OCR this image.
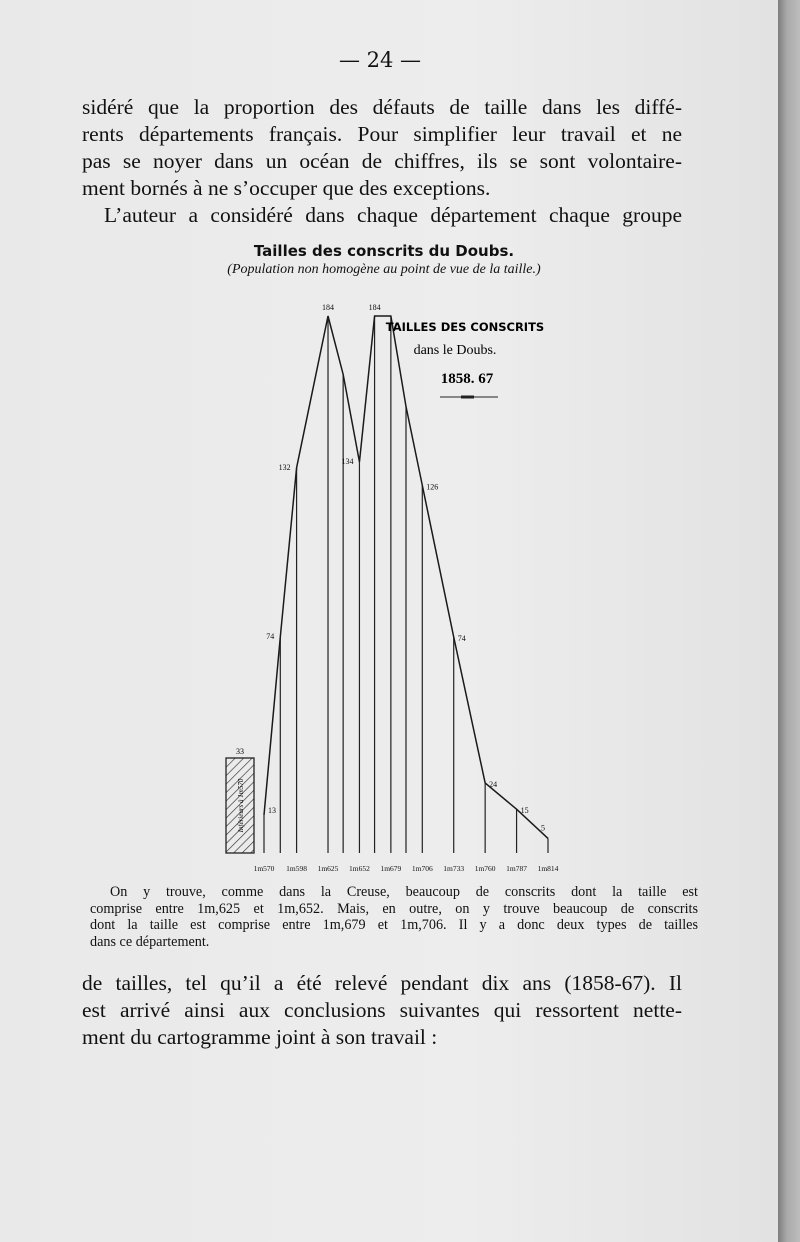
— 24 —
sidéré que la proportion des défauts de taille dans les diffé-
rents départements français. Pour simplifier leur travail et ne
pas se noyer dans un océan de chiffres, ils se sont volontaire-
ment bornés à ne s’occuper que des exceptions.
L’auteur a considéré dans chaque département chaque groupe
Tailles des conscrits du Doubs.
(Population non homogène au point de vue de la taille.)
33
Inférieurs à 1m570	13
74
132
184
134
184
126
74
24
15
5
1m570 1m598 1m625 1m652 1m679 1m706 1m733 1m760 1m787 1m814
TAILLES DES CONSCRITS
dans le Doubs.
1858. 67
On y trouve, comme dans la Creuse, beaucoup de conscrits dont la taille est
comprise entre 1m,625 et 1m,652. Mais, en outre, on y trouve beaucoup de conscrits
dont la taille est comprise entre 1m,679 et 1m,706. Il y a donc deux types de tailles
dans ce département.
de tailles, tel qu’il a été relevé pendant dix ans (1858-67). Il
est arrivé ainsi aux conclusions suivantes qui ressortent nette-
ment du cartogramme joint à son travail :
